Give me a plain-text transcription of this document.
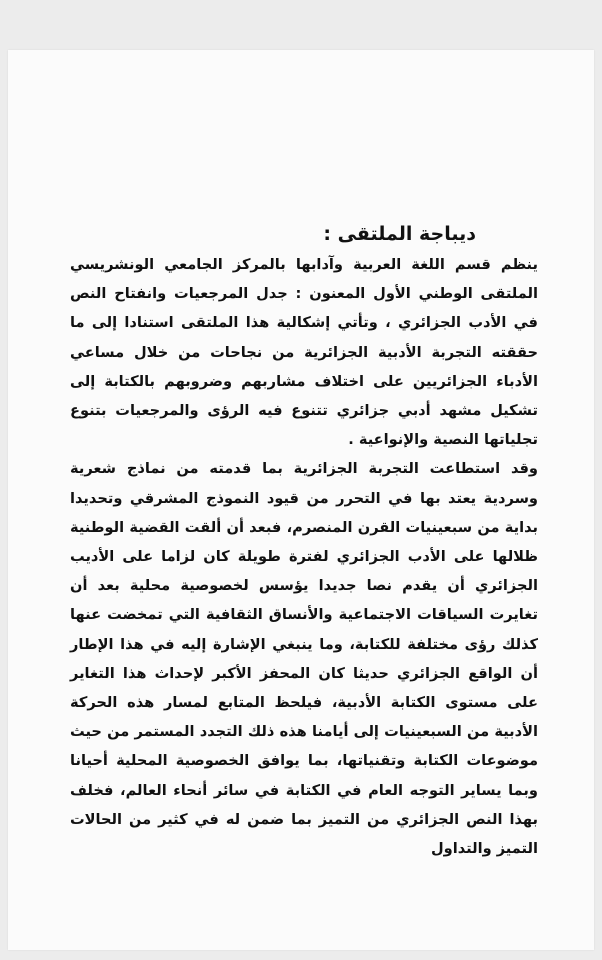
ديباجة الملتقى :

ينظم قسم اللغة العربية وآدابها بالمركز الجامعي الونشريسي الملتقى الوطني الأول المعنون : جدل المرجعيات وانفتاح النص في الأدب الجزائري ، وتأتي إشكالية هذا الملتقى استنادا إلى ما حققته التجربة الأدبية الجزائرية من نجاحات من خلال مساعي الأدباء الجزائريين على اختلاف مشاربهم وضروبهم بالكتابة إلى تشكيل مشهد أدبي جزائري تتنوع فيه الرؤى والمرجعيات بتنوع تجلياتها النصية والإنواعية .

وقد استطاعت التجربة الجزائرية بما قدمته من نماذج شعرية وسردية يعتد بها في التحرر من قيود النموذج المشرقي وتحديدا بداية من سبعينيات القرن المنصرم، فبعد أن ألقت القضية الوطنية ظلالها على الأدب الجزائري لفترة طويلة كان لزاما على الأديب الجزائري أن يقدم نصا جديدا يؤسس لخصوصية محلية بعد أن تغايرت السياقات الاجتماعية والأنساق الثقافية التي تمخضت عنها كذلك رؤى مختلفة للكتابة، وما ينبغي الإشارة إليه في هذا الإطار أن الواقع الجزائري حديثا كان المحفز الأكبر لإحداث هذا التغاير على مستوى الكتابة الأدبية، فيلحظ المتابع لمسار هذه الحركة الأدبية من السبعينيات إلى أيامنا هذه ذلك التجدد المستمر من حيث موضوعات الكتابة وتقنياتها، بما يوافق الخصوصية المحلية أحيانا وبما يساير التوجه العام في الكتابة في سائر أنحاء العالم، فخلف بهذا النص الجزائري من التميز بما ضمن له في كثير من الحالات التميز والتداول
